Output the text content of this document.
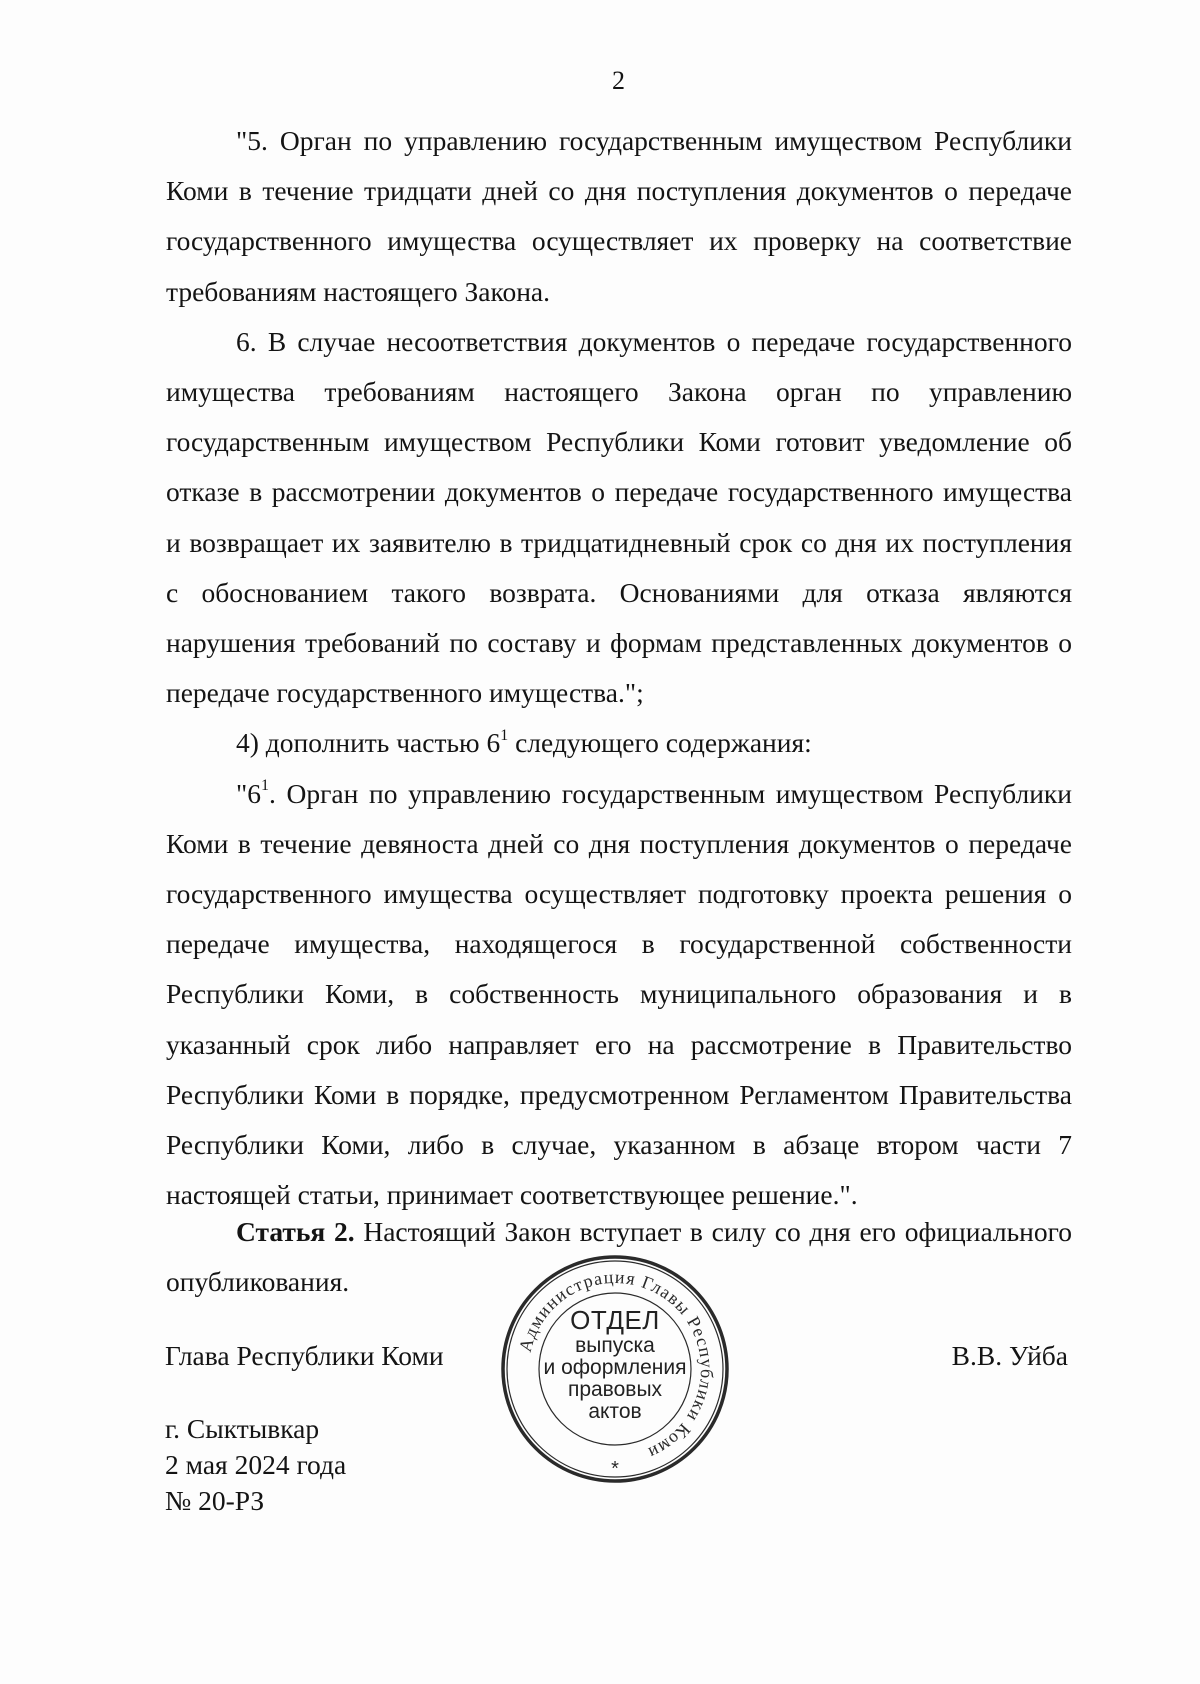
2

"5. Орган по управлению государственным имуществом Республики Коми в течение тридцати дней со дня поступления документов о передаче государственного имущества осуществляет их проверку на соответствие требованиям настоящего Закона.

6. В случае несоответствия документов о передаче государственного имущества требованиям настоящего Закона орган по управлению государственным имуществом Республики Коми готовит уведомление об отказе в рассмотрении документов о передаче государственного имущества и возвращает их заявителю в тридцатидневный срок со дня их поступления с обоснованием такого возврата. Основаниями для отказа являются нарушения требований по составу и формам представленных документов о передаче государственного имущества.";

4) дополнить частью $6^1$ следующего содержания:

"$6^1$. Орган по управлению государственным имуществом Республики Коми в течение девяноста дней со дня поступления документов о передаче государственного имущества осуществляет подготовку проекта решения о передаче имущества, находящегося в государственной собственности Республики Коми, в собственность муниципального образования и в указанный срок либо направляет его на рассмотрение в Правительство Республики Коми в порядке, предусмотренном Регламентом Правительства Республики Коми, либо в случае, указанном в абзаце втором части 7 настоящей статьи, принимает соответствующее решение.".

Статья 2. Настоящий Закон вступает в силу со дня его официального опубликования.

Глава Республики Коми	В.В. Уйба
г. Сыктывкар
2 мая 2024 года
№ 20-РЗ
Администрация Главы Республики Коми
*
ОТДЕЛ
выпуска
и оформления
правовых
актов
